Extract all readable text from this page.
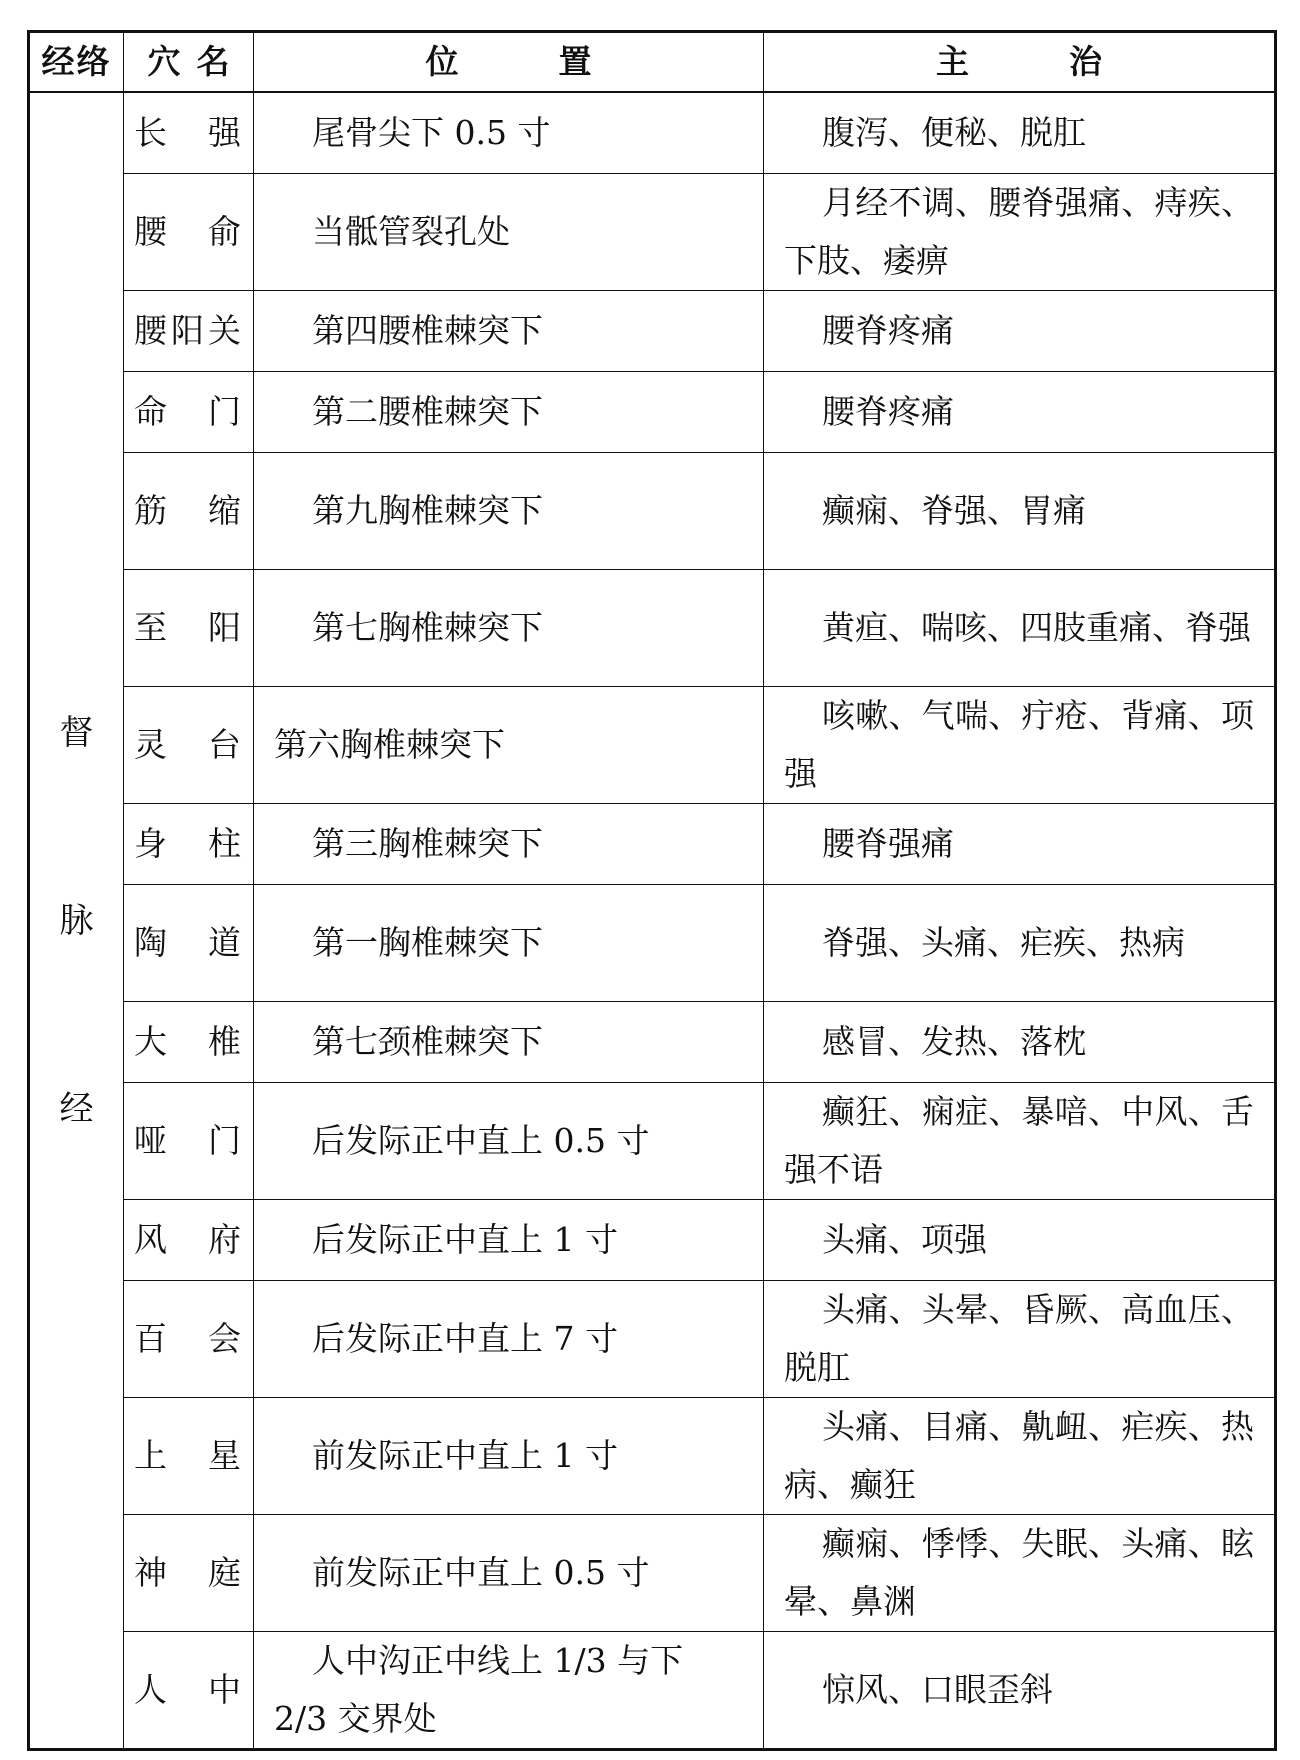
经络	穴名	位置	主治

督
脉
经	长强	尾骨尖下 0.5 寸	腹泻、便秘、脱肛
	腰俞	当骶管裂孔处	月经不调、腰脊强痛、痔疾、下肢、痿痹
	腰阳关	第四腰椎棘突下	腰脊疼痛
	命门	第二腰椎棘突下	腰脊疼痛
	筋缩	第九胸椎棘突下	癫痫、脊强、胃痛
	至阳	第七胸椎棘突下	黄疸、喘咳、四肢重痛、脊强
	灵台	第六胸椎棘突下	咳嗽、气喘、疔疮、背痛、项强
	身柱	第三胸椎棘突下	腰脊强痛
	陶道	第一胸椎棘突下	脊强、头痛、疟疾、热病
	大椎	第七颈椎棘突下	感冒、发热、落枕
	哑门	后发际正中直上 0.5 寸	癫狂、痫症、暴喑、中风、舌强不语
	风府	后发际正中直上 1 寸	头痛、项强
	百会	后发际正中直上 7 寸	头痛、头晕、昏厥、高血压、脱肛
	上星	前发际正中直上 1 寸	头痛、目痛、鼽衄、疟疾、热病、癫狂
	神庭	前发际正中直上 0.5 寸	癫痫、悸悸、失眠、头痛、眩晕、鼻渊
	人中	人中沟正中线上 1/3 与下 2/3 交界处	惊风、口眼歪斜
